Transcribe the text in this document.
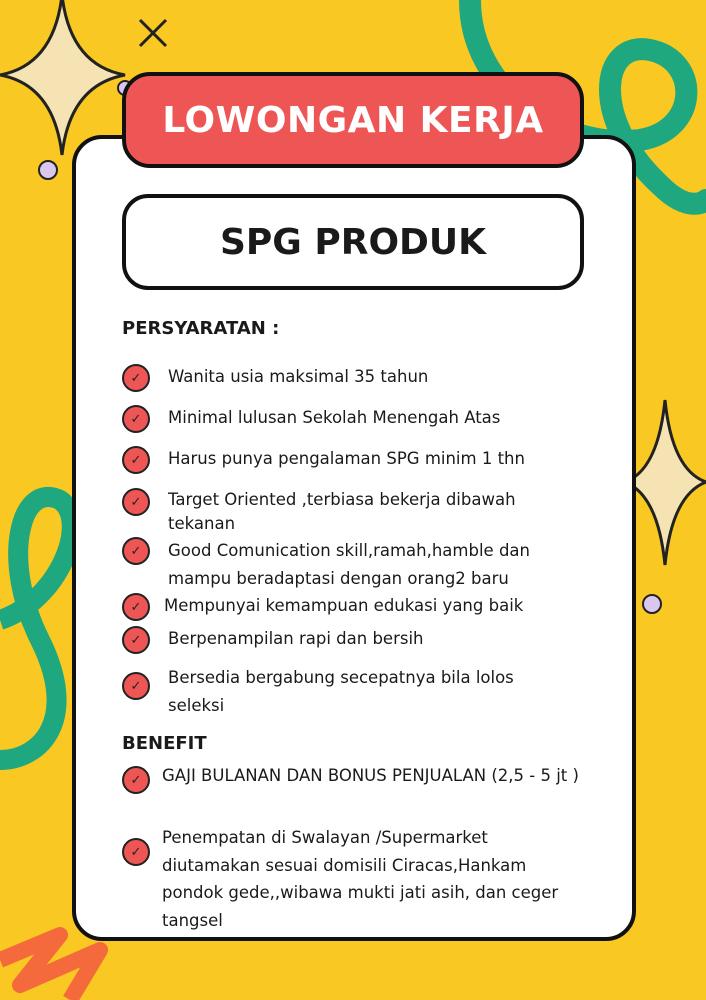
LOWONGAN KERJA
SPG PRODUK
PERSYARATAN :
✓	Wanita usia maksimal 35 tahun
✓	Minimal lulusan Sekolah Menengah Atas
✓	Harus punya pengalaman SPG minim 1 thn
✓	Target Oriented ,terbiasa bekerja dibawah tekanan
✓	Good Comunication skill,ramah,hamble dan mampu beradaptasi dengan orang2 baru
✓	Mempunyai kemampuan edukasi yang baik
✓	Berpenampilan rapi dan bersih
✓	Bersedia bergabung secepatnya bila lolos seleksi
BENEFIT
✓	GAJI BULANAN DAN BONUS PENJUALAN (2,5 - 5 jt )
✓
Penempatan di Swalayan /Supermarket diutamakan sesuai domisili Ciracas,Hankam pondok gede,,wibawa mukti jati asih, dan ceger tangsel
